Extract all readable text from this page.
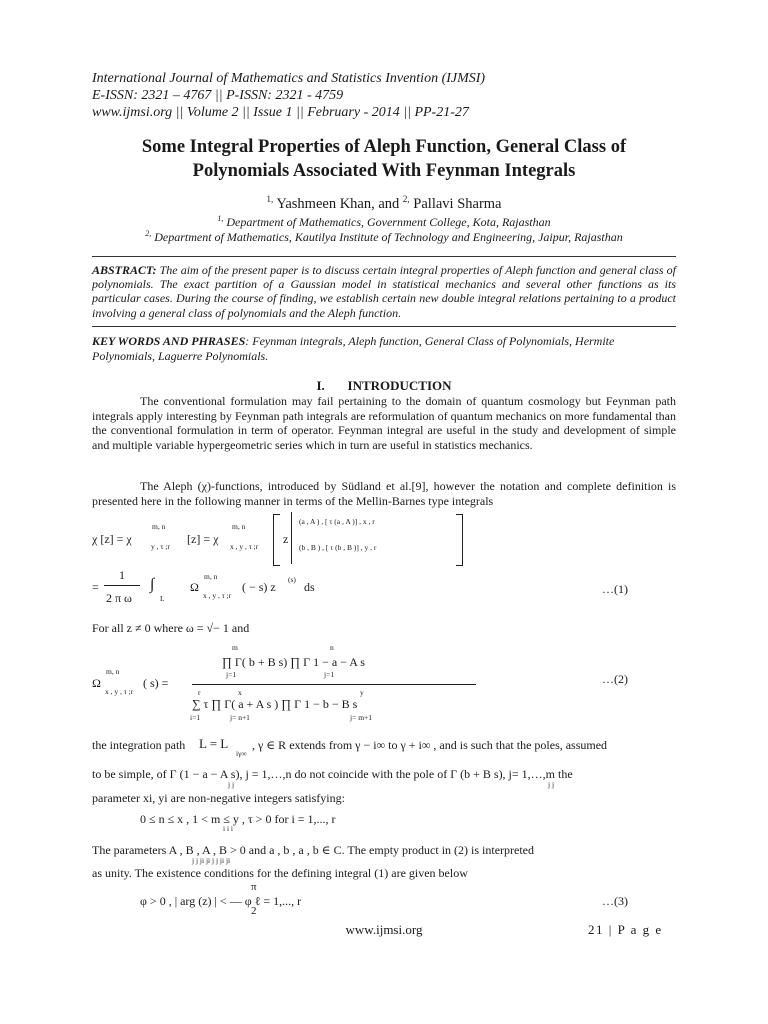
International Journal of Mathematics and Statistics Invention (IJMSI)
E-ISSN: 2321 – 4767 || P-ISSN: 2321 - 4759
www.ijmsi.org || Volume 2 || Issue 1 || February - 2014 || PP-21-27
Some Integral Properties of Aleph Function, General Class of
Polynomials Associated With Feynman Integrals
$^{1,}$ Yashmeen Khan, and $^{2,}$ Pallavi Sharma
$^{1,}$ Department of Mathematics, Government College, Kota, Rajasthan
$^{2,}$ Department of Mathematics, Kautilya Institute of Technology and Engineering, Jaipur, Rajasthan
ABSTRACT: The aim of the present paper is to discuss certain integral properties of Aleph function and general class of polynomials. The exact partition of a Gaussian model in statistical mechanics and several other functions as its particular cases. During the course of finding, we establish certain new double integral relations pertaining to a product involving a general class of polynomials and the Aleph function.
KEY WORDS AND PHRASES: Feynman integrals, Aleph function, General Class of Polynomials, Hermite Polynomials, Laguerre Polynomials.
I. INTRODUCTION
The conventional formulation may fail pertaining to the domain of quantum cosmology but Feynman path integrals apply interesting by Feynman path integrals are reformulation of quantum mechanics on more fundamental than the conventional formulation in term of operator. Feynman integral are useful in the study and development of simple and multiple variable hypergeometric series which in turn are useful in statistics mechanics.
The Aleph (χ)-functions, introduced by Südland et al.[9], however the notation and complete definition is presented here in the following manner in terms of the Mellin-Barnes type integrals
χ [z] = χ
m, n
y , τ ;r
[z] = χ
m, n
x , y , τ ;r
z
(a , A ) , [ τ (a , A )] , x , r
(b , B ) , [ τ (b , B )] , y , r
1
2 π ω
=	∫
L
Ω
m, n
x , y , τ ;r
( − s) z
(s)
ds	…(1)
For all z ≠ 0 where ω = √− 1 and
Ω
m, n
x , y , τ ;r
( s) =
m	n
∏ Γ( b + B s) ∏ Γ 1 − a − A s
j=1	j=1
r	x	y
∑ τ ∏ Γ( a + A s ) ∏ Γ 1 − b − B s
i=1	j= n+1	j= m+1
…(2)
the integration path L = L
iγ∞
, γ ∈ R extends from γ − i∞ to γ + i∞ , and is such that the poles, assumed
to be simple, of Γ (1 − a − A s), j = 1,…,n do not coincide with the pole of Γ (b + B s), j= 1,…,m the
j j	j j
parameter xi, yi are non-negative integers satisfying:
0 ≤ n ≤ x , 1 < m ≤ y , τ > 0 for i = 1,..., r
i i i
The parameters A , B , A , B > 0 and a , b , a , b ∈ C. The empty product in (2) is interpreted
j j ji ji j j ji ji
as unity. The existence conditions for the defining integral (1) are given below
φ > 0 , | arg (z) | < — φ ℓ = 1,..., r
π
2
…(3)
www.ijmsi.org	21 | P a g e
